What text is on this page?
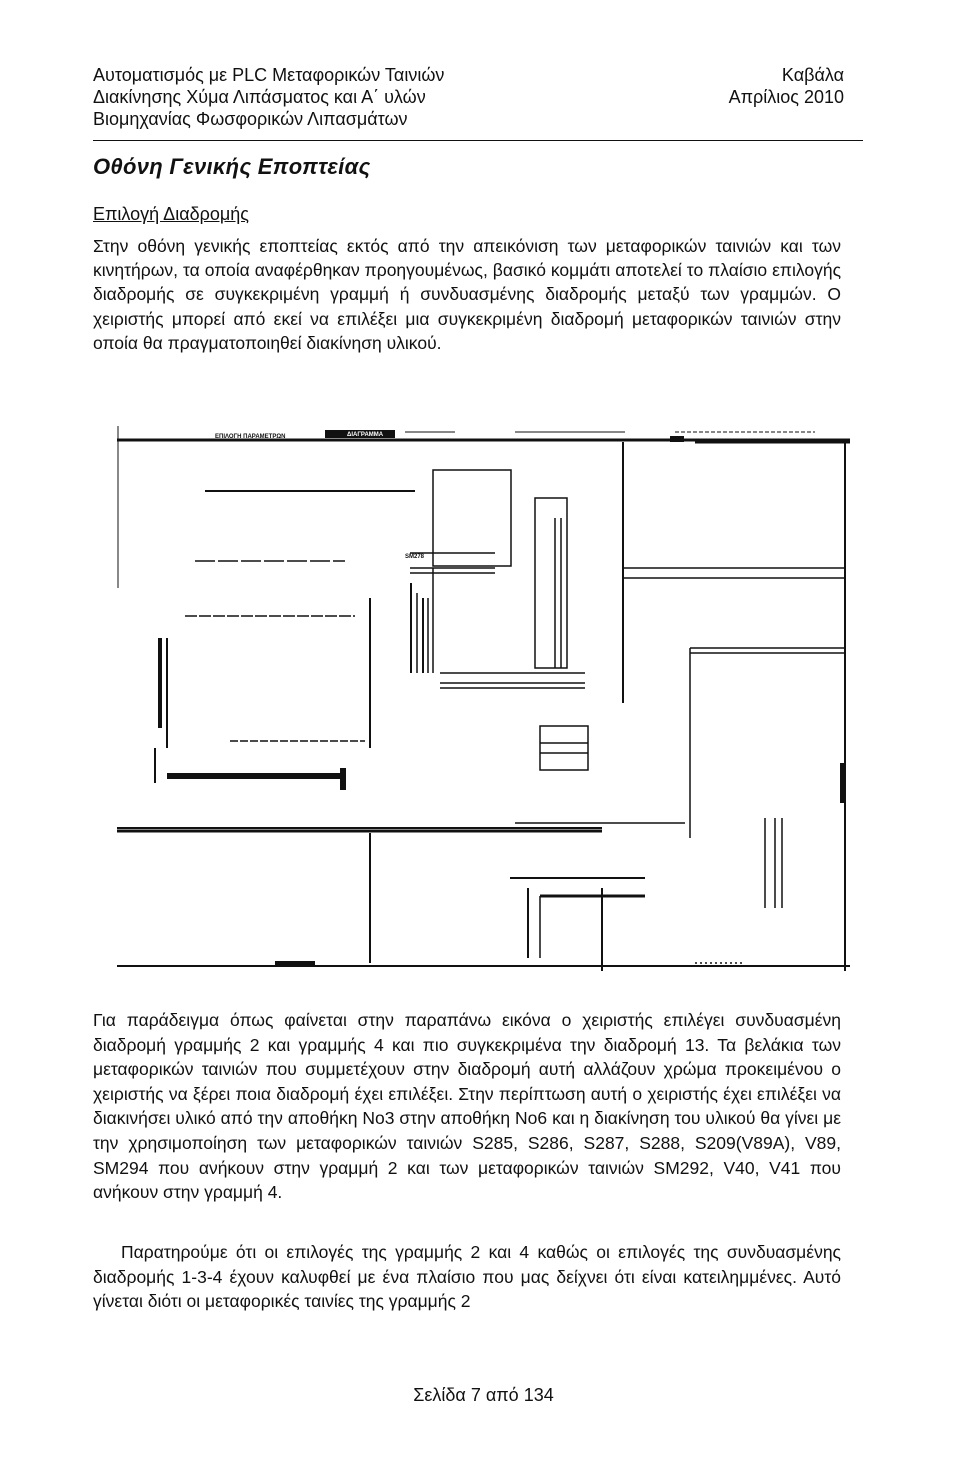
Αυτοματισμός με PLC Μεταφορικών Ταινιών
Διακίνησης Χύμα Λιπάσματος και Α΄ υλών
Βιομηχανίας Φωσφορικών Λιπασμάτων
Καβάλα
Απρίλιος 2010
Οθόνη Γενικής Εποπτείας
Επιλογή Διαδρομής

Στην οθόνη γενικής εποπτείας εκτός από την απεικόνιση των μεταφορικών ταινιών και των κινητήρων, τα οποία αναφέρθηκαν προηγουμένως, βασικό κομμάτι αποτελεί το πλαίσιο επιλογής διαδρομής σε συγκεκριμένη γραμμή ή συνδυασμένης διαδρομής μεταξύ των γραμμών. Ο χειριστής μπορεί από εκεί να επιλέξει μια συγκεκριμένη διαδρομή μεταφορικών ταινιών στην οποία θα πραγματοποιηθεί διακίνηση υλικού.

ΕΠΙΛΟΓΗ ΠΑΡΑΜΕΤΡΩΝ	ΔΙΑΓΡΑΜΜΑ
SM278

Για παράδειγμα όπως φαίνεται στην παραπάνω εικόνα ο χειριστής επιλέγει συνδυασμένη διαδρομή γραμμής 2 και γραμμής 4 και πιο συγκεκριμένα την διαδρομή 13. Τα βελάκια των μεταφορικών ταινιών που συμμετέχουν στην διαδρομή αυτή αλλάζουν χρώμα προκειμένου ο χειριστής να ξέρει ποια διαδρομή έχει επιλέξει. Στην περίπτωση αυτή ο χειριστής έχει επιλέξει να διακινήσει υλικό από την αποθήκη Νο3 στην αποθήκη Νο6 και η διακίνηση του υλικού θα γίνει με την χρησιμοποίηση των μεταφορικών ταινιών S285, S286, S287, S288, S209(V89A), V89, SM294 που ανήκουν στην γραμμή 2 και των μεταφορικών ταινιών SM292, V40, V41 που ανήκουν στην γραμμή 4.

Παρατηρούμε ότι οι επιλογές της γραμμής 2 και 4 καθώς οι επιλογές της συνδυασμένης διαδρομής 1-3-4 έχουν καλυφθεί με ένα πλαίσιο που μας δείχνει ότι είναι κατειλημμένες. Αυτό γίνεται διότι οι μεταφορικές ταινίες της γραμμής 2

Σελίδα 7 από 134
